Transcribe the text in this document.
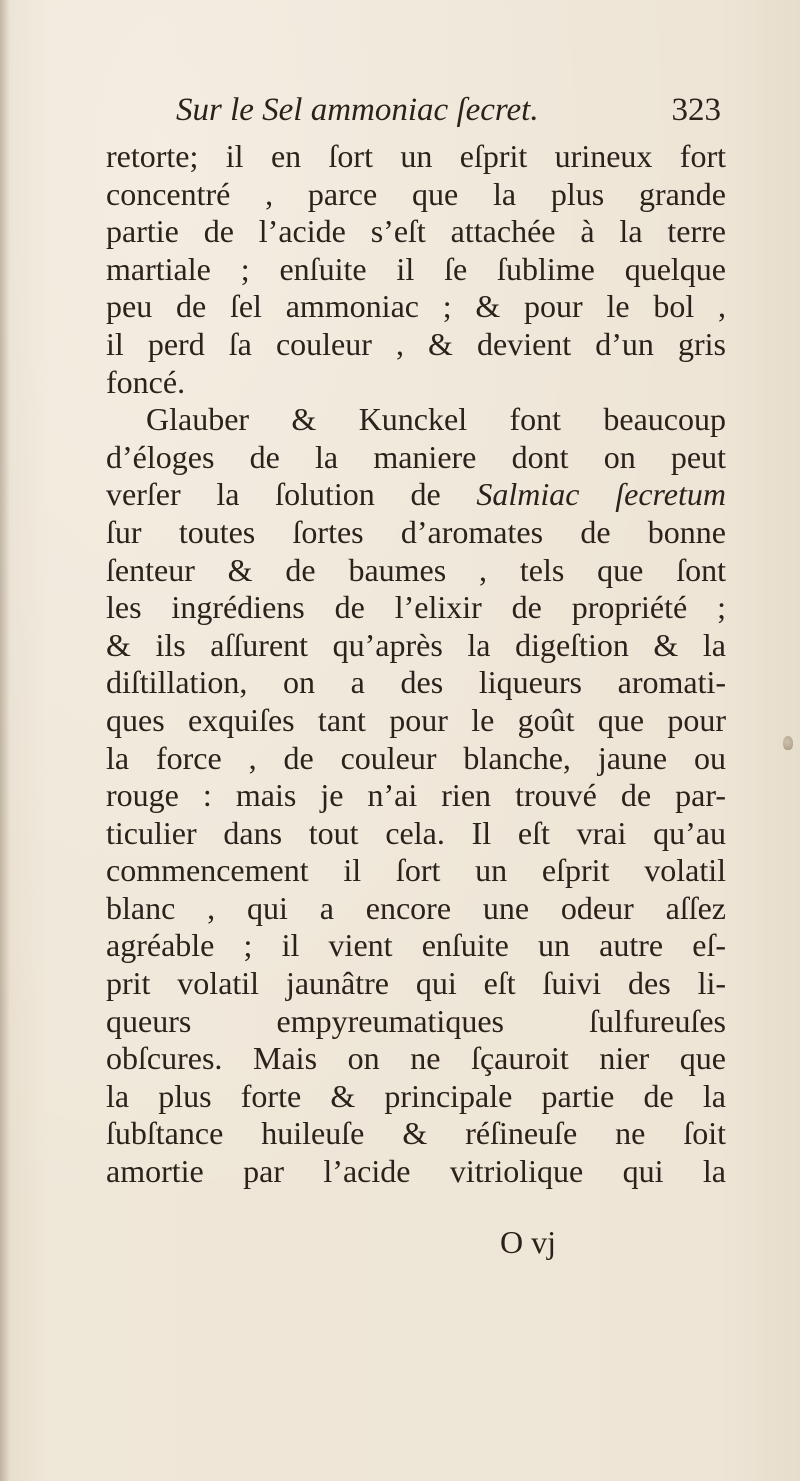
Sur le Sel ammoniac ſecret.	323
retorte; il en ſort un eſprit urineux fort
concentré , parce que la plus grande
partie de l’acide s’eſt attachée à la terre
martiale ; enſuite il ſe ſublime quelque
peu de ſel ammoniac ; & pour le bol ,
il perd ſa couleur , & devient d’un gris
foncé.
Glauber & Kunckel font beaucoup
d’éloges de la maniere dont on peut
verſer la ſolution de Salmiac ſecretum
ſur toutes ſortes d’aromates de bonne
ſenteur & de baumes , tels que ſont
les ingrédiens de l’elixir de propriété ;
& ils aſſurent qu’après la digeſtion & la
diſtillation, on a des liqueurs aromati-
ques exquiſes tant pour le goût que pour
la force , de couleur blanche, jaune ou
rouge : mais je n’ai rien trouvé de par-
ticulier dans tout cela. Il eſt vrai qu’au
commencement il ſort un eſprit volatil
blanc , qui a encore une odeur aſſez
agréable ; il vient enſuite un autre eſ-
prit volatil jaunâtre qui eſt ſuivi des li-
queurs empyreumatiques ſulfureuſes
obſcures. Mais on ne ſçauroit nier que
la plus forte & principale partie de la
ſubſtance huileuſe & réſineuſe ne ſoit
amortie par l’acide vitriolique qui la
O vj
